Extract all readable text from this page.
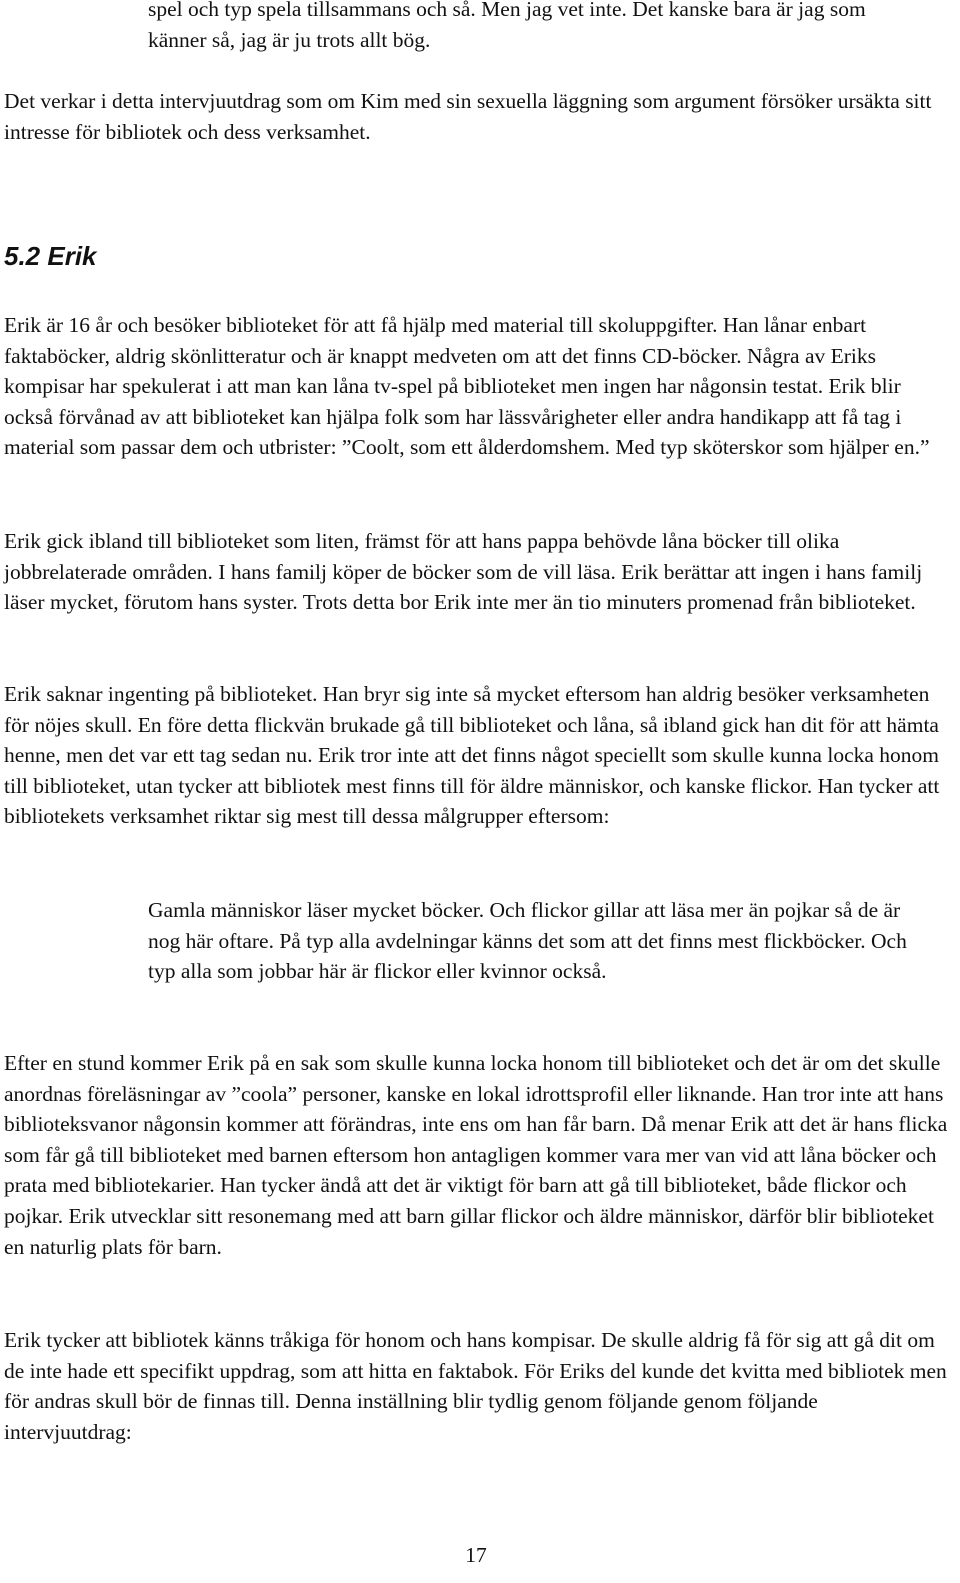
spel och typ spela tillsammans och så. Men jag vet inte. Det kanske bara är jag som känner så, jag är ju trots allt bög.

Det verkar i detta intervjuutdrag som om Kim med sin sexuella läggning som argument försöker ursäkta sitt intresse för bibliotek och dess verksamhet.

5.2 Erik

Erik är 16 år och besöker biblioteket för att få hjälp med material till skoluppgifter. Han lånar enbart faktaböcker, aldrig skönlitteratur och är knappt medveten om att det finns CD-böcker. Några av Eriks kompisar har spekulerat i att man kan låna tv-spel på biblioteket men ingen har någonsin testat. Erik blir också förvånad av att biblioteket kan hjälpa folk som har lässvårigheter eller andra handikapp att få tag i material som passar dem och utbrister: ”Coolt, som ett ålderdomshem. Med typ sköterskor som hjälper en.”

Erik gick ibland till biblioteket som liten, främst för att hans pappa behövde låna böcker till olika jobbrelaterade områden. I hans familj köper de böcker som de vill läsa. Erik berättar att ingen i hans familj läser mycket, förutom hans syster. Trots detta bor Erik inte mer än tio minuters promenad från biblioteket.

Erik saknar ingenting på biblioteket. Han bryr sig inte så mycket eftersom han aldrig besöker verksamheten för nöjes skull. En före detta flickvän brukade gå till biblioteket och låna, så ibland gick han dit för att hämta henne, men det var ett tag sedan nu. Erik tror inte att det finns något speciellt som skulle kunna locka honom till biblioteket, utan tycker att bibliotek mest finns till för äldre människor, och kanske flickor. Han tycker att bibliotekets verksamhet riktar sig mest till dessa målgrupper eftersom:

Gamla människor läser mycket böcker. Och flickor gillar att läsa mer än pojkar så de är nog här oftare. På typ alla avdelningar känns det som att det finns mest flickböcker. Och typ alla som jobbar här är flickor eller kvinnor också.

Efter en stund kommer Erik på en sak som skulle kunna locka honom till biblioteket och det är om det skulle anordnas föreläsningar av ”coola” personer, kanske en lokal idrottsprofil eller liknande. Han tror inte att hans biblioteksvanor någonsin kommer att förändras, inte ens om han får barn. Då menar Erik att det är hans flicka som får gå till biblioteket med barnen eftersom hon antagligen kommer vara mer van vid att låna böcker och prata med bibliotekarier. Han tycker ändå att det är viktigt för barn att gå till biblioteket, både flickor och pojkar. Erik utvecklar sitt resonemang med att barn gillar flickor och äldre människor, därför blir biblioteket en naturlig plats för barn.

Erik tycker att bibliotek känns tråkiga för honom och hans kompisar. De skulle aldrig få för sig att gå dit om de inte hade ett specifikt uppdrag, som att hitta en faktabok. För Eriks del kunde det kvitta med bibliotek men för andras skull bör de finnas till. Denna inställning blir tydlig genom följande genom följande intervjuutdrag:

17
